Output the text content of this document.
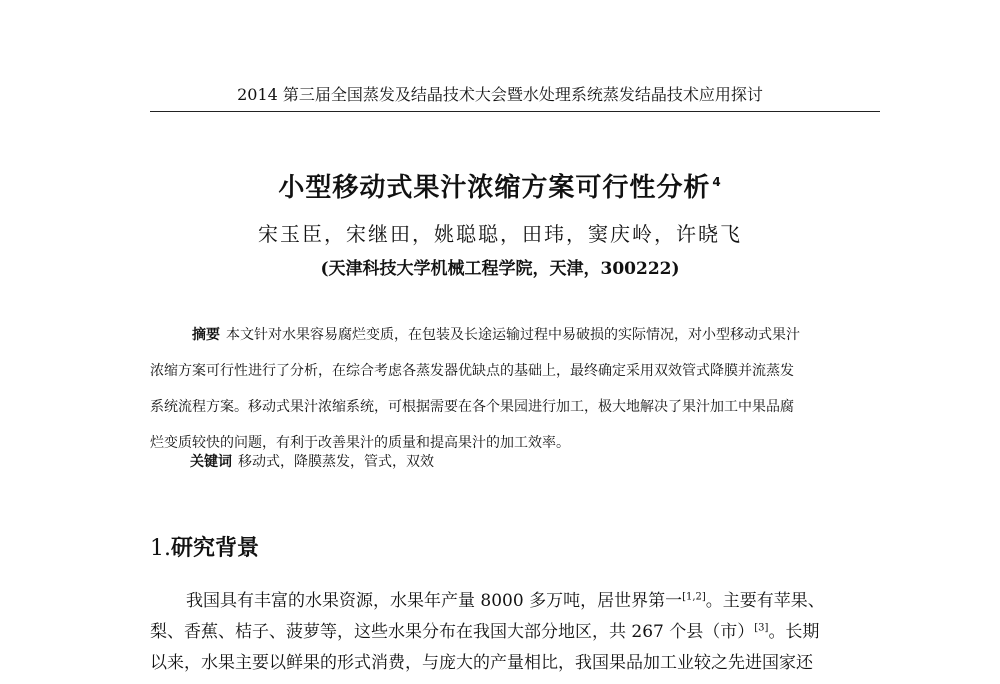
2014 第三届全国蒸发及结晶技术大会暨水处理系统蒸发结晶技术应用探讨
小型移动式果汁浓缩方案可行性分析 $^4$
宋玉臣，宋继田，姚聪聪，田玮，窦庆岭，许晓飞
(天津科技大学机械工程学院，天津，300222)

摘要 本文针对水果容易腐烂变质，在包装及长途运输过程中易破损的实际情况，对小型移动式果汁
浓缩方案可行性进行了分析，在综合考虑各蒸发器优缺点的基础上，最终确定采用双效管式降膜并流蒸发
系统流程方案。移动式果汁浓缩系统，可根据需要在各个果园进行加工，极大地解决了果汁加工中果品腐
烂变质较快的问题，有利于改善果汁的质量和提高果汁的加工效率。

关键词 移动式，降膜蒸发，管式，双效
1.研究背景
我国具有丰富的水果资源，水果年产量 8000 多万吨，居世界第一[1,2]。主要有苹果、
梨、香蕉、桔子、菠萝等，这些水果分布在我国大部分地区，共 267 个县（市）[3]。长期
以来，水果主要以鲜果的形式消费，与庞大的产量相比，我国果品加工业较之先进国家还
